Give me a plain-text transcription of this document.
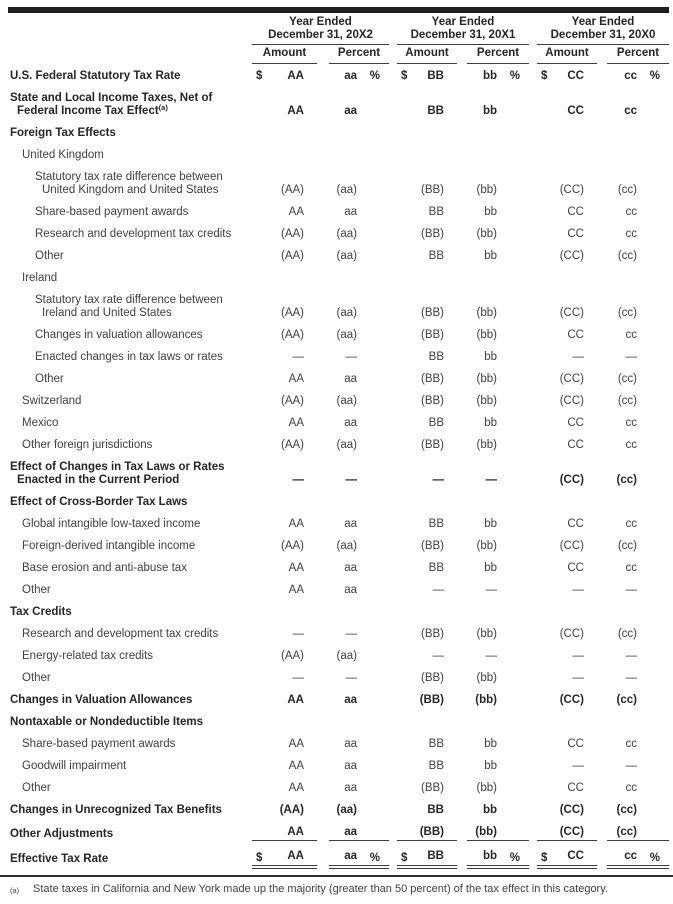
Year Ended
December 31, 20X2
Amount	Percent
Year Ended
December 31, 20X1
Amount	Percent
Year Ended
December 31, 20X0
Amount	Percent
U.S. Federal Statutory Tax Rate	$	AA	aa	% $	BB	bb	% $	CC	cc	%
State and Local Income Taxes, Net of
Federal Income Tax Effect$^{(a)}$	AA	aa	BB	bb	CC	cc
Foreign Tax Effects
United Kingdom
Statutory tax rate difference between
United Kingdom and United States	(AA)	(aa)	(BB)	(bb)	(CC)	(cc)
Share-based payment awards	AA	aa	BB	bb	CC	cc
Research and development tax credits	(AA)	(aa)	(BB)	(bb)	CC	cc
Other	(AA)	(aa)	BB	bb	(CC)	(cc)
Ireland
Statutory tax rate difference between
Ireland and United States	(AA)	(aa)	(BB)	(bb)	(CC)	(cc)
Changes in valuation allowances	(AA)	(aa)	(BB)	(bb)	CC	cc
Enacted changes in tax laws or rates	—	—	BB	bb	—	—
Other	AA	aa	(BB)	(bb)	(CC)	(cc)
Switzerland	(AA)	(aa)	(BB)	(bb)	(CC)	(cc)
Mexico	AA	aa	BB	bb	CC	cc
Other foreign jurisdictions	(AA)	(aa)	(BB)	(bb)	CC	cc
Effect of Changes in Tax Laws or Rates
Enacted in the Current Period	—	—	—	—	(CC)	(cc)
Effect of Cross-Border Tax Laws
Global intangible low-taxed income	AA	aa	BB	bb	CC	cc
Foreign-derived intangible income	(AA)	(aa)	(BB)	(bb)	(CC)	(cc)
Base erosion and anti-abuse tax	AA	aa	BB	bb	CC	cc
Other	AA	aa	—	—	—	—
Tax Credits
Research and development tax credits	—	—	(BB)	(bb)	(CC)	(cc)
Energy-related tax credits	(AA)	(aa)	—	—	—	—
Other	—	—	(BB)	(bb)	—	—
Changes in Valuation Allowances	AA	aa	(BB)	(bb)	(CC)	(cc)
Nontaxable or Nondeductible Items
Share-based payment awards	AA	aa	BB	bb	CC	cc
Goodwill impairment	AA	aa	BB	bb	—	—
Other	AA	aa	(BB)	(bb)	CC	cc
Changes in Unrecognized Tax Benefits	(AA)	(aa)	BB	bb	(CC)	(cc)
Other Adjustments	AA	aa	(BB)	(bb)	(CC)	(cc)
Effective Tax Rate	$	AA	aa	% $	BB	bb	% $	CC	cc	%
(a)	State taxes in California and New York made up the majority (greater than 50 percent) of the tax effect in this category.
